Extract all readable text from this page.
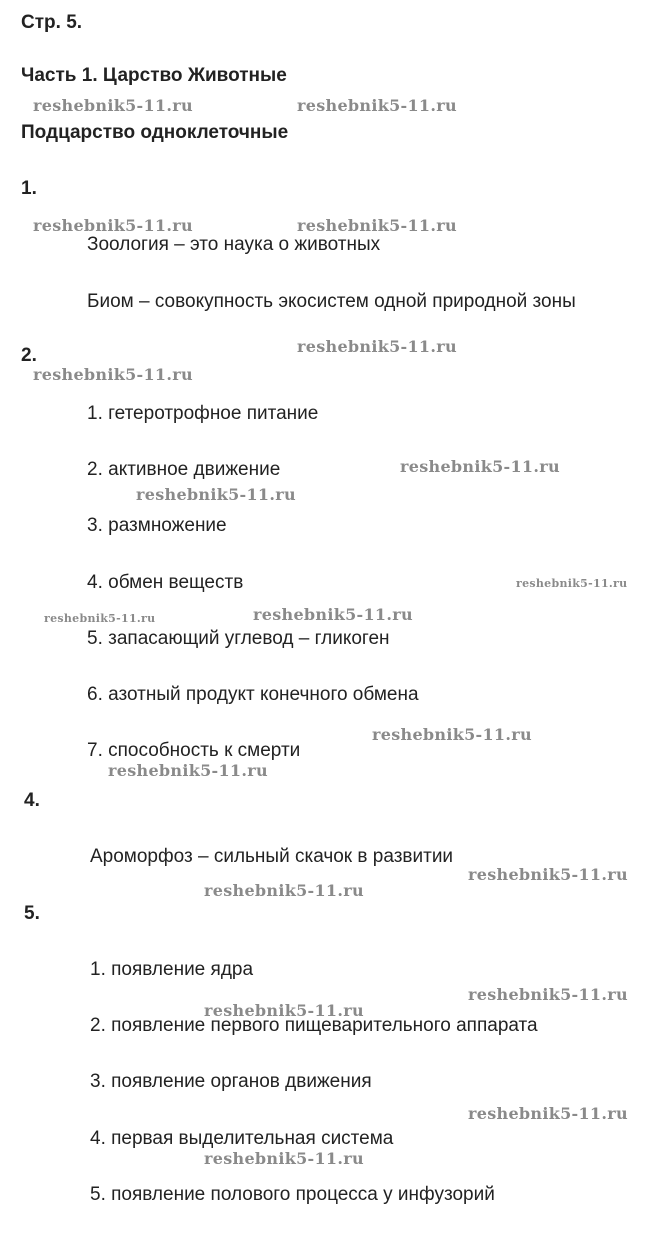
Стр. 5.
Часть 1. Царство Животные
Подцарство одноклеточные
1.
Зоология – это наука о животных
Биом – совокупность экосистем одной природной зоны
2.
1. гетеротрофное питание
2. активное движение
3. размножение
4. обмен веществ
5. запасающий углевод – гликоген
6. азотный продукт конечного обмена
7. способность к смерти
4.
Ароморфоз – сильный скачок в развитии
5.
1. появление ядра
2. появление первого пищеварительного аппарата
3. появление органов движения
4. первая выделительная система
5. появление полового процесса у инфузорий
reshebnik5-11.ru	reshebnik5-11.ru
reshebnik5-11.ru	reshebnik5-11.ru
reshebnik5-11.ru
reshebnik5-11.ru
reshebnik5-11.ru
reshebnik5-11.ru
reshebnik5-11.ru
reshebnik5-11.ru	reshebnik5-11.ru
reshebnik5-11.ru
reshebnik5-11.ru
reshebnik5-11.ru
reshebnik5-11.ru
reshebnik5-11.ru
reshebnik5-11.ru
reshebnik5-11.ru
reshebnik5-11.ru
